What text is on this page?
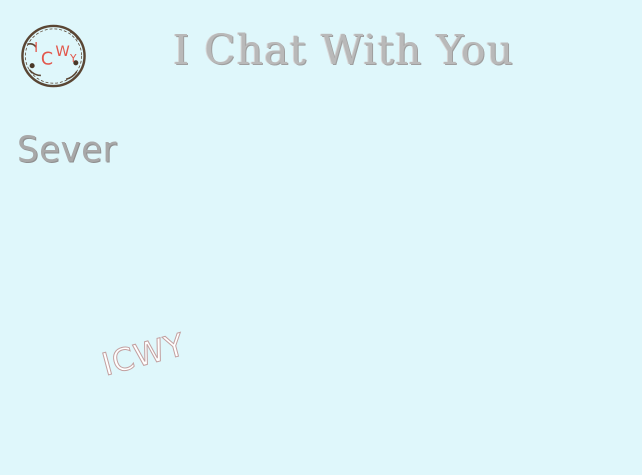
I
C W Y I Chat With You
Sever
ICWY
